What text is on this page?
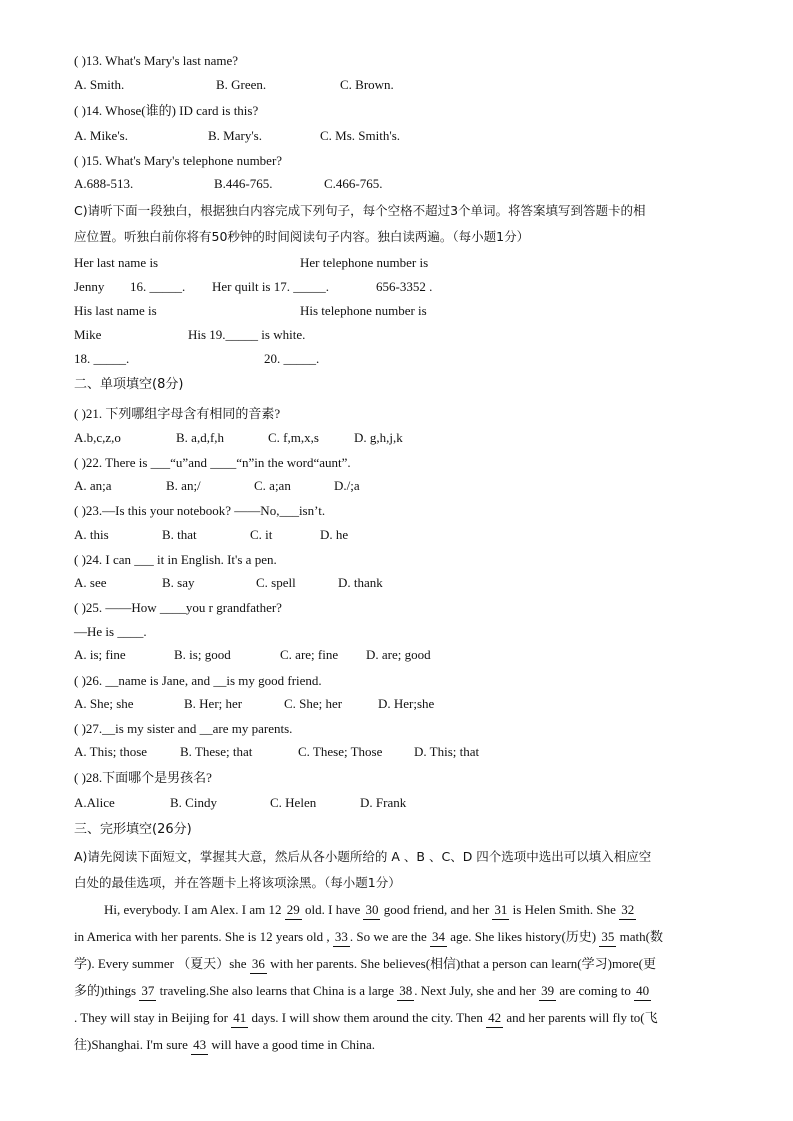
( )13. What's Mary's last name?
A. Smith.	B. Green.	C. Brown.
( )14. Whose(谁的) ID card is this?
A. Mike's.	B. Mary's.	C. Ms. Smith's.
( )15. What's Mary's telephone number?
A.688-513.	B.446-765.	C.466-765.
C)请听下面一段独白，根据独白内容完成下列句子，每个空格不超过3个单词。将答案填写到答题卡的相
应位置。听独白前你将有50秒钟的时间阅读句子内容。独白读两遍。（每小题1分）
Her last name is	Her telephone number is
Jenny 16. _____. Her quilt is 17. _____.	656-3352 .
His last name is	His telephone number is
Mike	His 19._____ is white.
18. _____.	20. _____.
二、单项填空(8分)
( )21. 下列哪组字母含有相同的音素?
A.b,c,z,o	B. a,d,f,h	C. f,m,x,s	D. g,h,j,k
( )22. There is ___“u”and ____“n”in the word“aunt”.
A. an;a	B. an;/	C. a;an	D./;a
( )23.—Is this your notebook? ——No,___isn’t.
A. this	B. that	C. it	D. he
( )24. I can ___ it in English. It's a pen.
A. see	B. say	C. spell	D. thank
( )25. ——How ____you r grandfather?
—He is ____.
A. is; fine	B. is; good	C. are; fine D. are; good
( )26. __name is Jane, and __is my good friend.
A. She; she	B. Her; her	C. She; her	D. Her;she
( )27.__is my sister and __are my parents.
A. This; those	B. These; that	C. These; Those D. This; that
( )28.下面哪个是男孩名?
A.Alice	B. Cindy	C. Helen	D. Frank
三、完形填空(26分)
A)请先阅读下面短文，掌握其大意，然后从各小题所给的 A 、B 、C、D 四个选项中选出可以填入相应空
白处的最佳选项，并在答题卡上将该项涂黑。（每小题1分）
Hi, everybody. I am Alex. I am 12 29 old. I have 30 good friend, and her 31 is Helen Smith. She 32
in America with her parents. She is 12 years old , 33 . So we are the 34 age. She likes history(历史) 35 math(数
学). Every summer （夏天）she 36 with her parents. She believes(相信)that a person can learn(学习)more(更
多的)things 37 traveling.She also learns that China is a large 38 . Next July, she and her 39 are coming to 40
. They will stay in Beijing for 41 days. I will show them around the city. Then 42 and her parents will fly to(飞
往)Shanghai. I'm sure 43 will have a good time in China.
